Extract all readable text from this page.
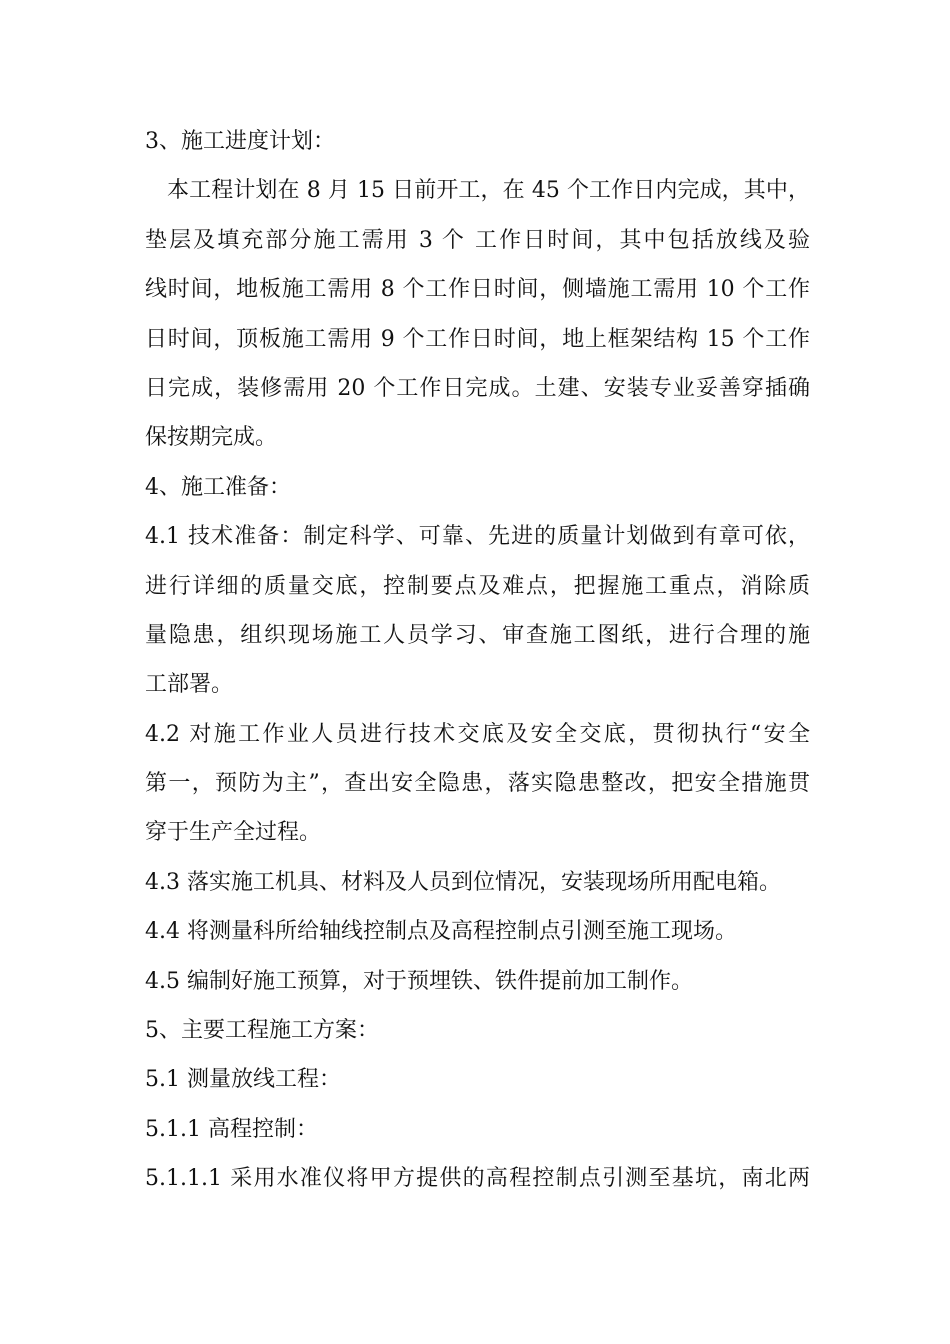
3、施工进度计划：
本工程计划在 8 月 15 日前开工，在 45 个工作日内完成，其中，
垫层及填充部分施工需用 3 个 工作日时间，其中包括放线及验
线时间，地板施工需用 8 个工作日时间，侧墙施工需用 10 个工作
日时间，顶板施工需用 9 个工作日时间，地上框架结构 15 个工作
日完成，装修需用 20 个工作日完成。土建、安装专业妥善穿插确
保按期完成。
4、施工准备：
4.1 技术准备：制定科学、可靠、先进的质量计划做到有章可依，
进行详细的质量交底，控制要点及难点，把握施工重点，消除质
量隐患，组织现场施工人员学习、审查施工图纸，进行合理的施
工部署。
4.2 对施工作业人员进行技术交底及安全交底，贯彻执行“安全
第一，预防为主”，查出安全隐患，落实隐患整改，把安全措施贯
穿于生产全过程。
4.3 落实施工机具、材料及人员到位情况，安装现场所用配电箱。
4.4 将测量科所给轴线控制点及高程控制点引测至施工现场。
4.5 编制好施工预算，对于预埋铁、铁件提前加工制作。
5、主要工程施工方案：
5.1 测量放线工程：
5.1.1 高程控制：
5.1.1.1 采用水准仪将甲方提供的高程控制点引测至基坑，南北两
